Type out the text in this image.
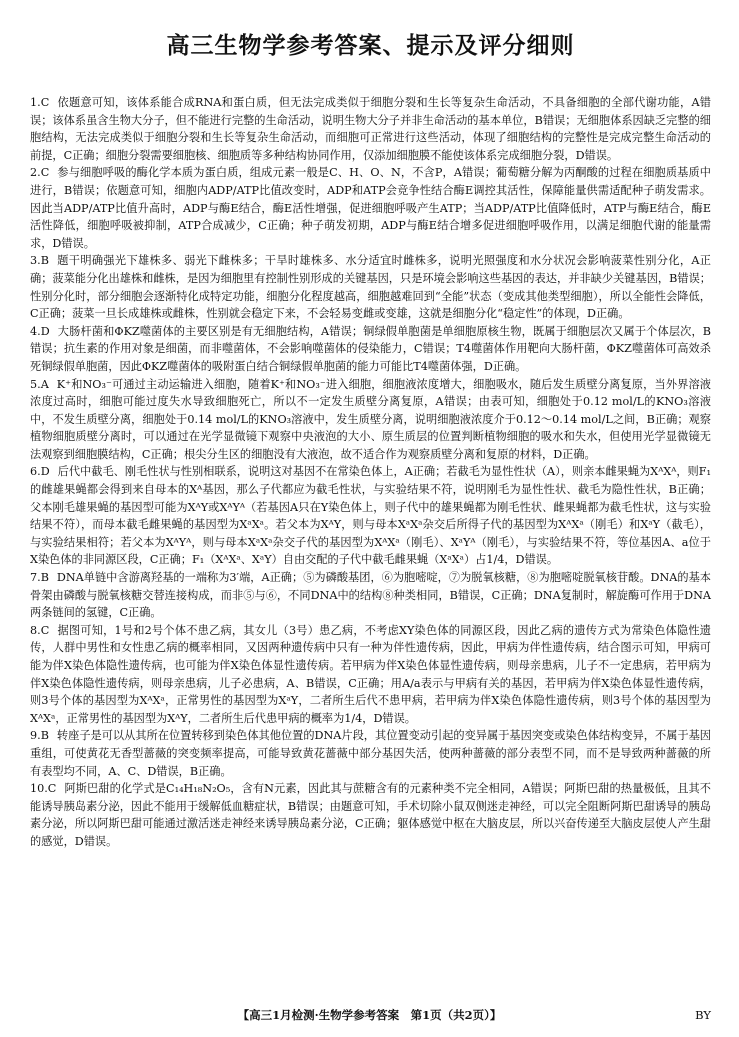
高三生物学参考答案、提示及评分细则
1.C 依题意可知，该体系能合成RNA和蛋白质，但无法完成类似于细胞分裂和生长等复杂生命活动，不具备细胞的全部代谢功能，A错误；该体系虽含生物大分子，但不能进行完整的生命活动，说明生物大分子并非生命活动的基本单位，B错误；无细胞体系因缺乏完整的细胞结构，无法完成类似于细胞分裂和生长等复杂生命活动，而细胞可正常进行这些活动，体现了细胞结构的完整性是完成完整生命活动的前提，C正确；细胞分裂需要细胞核、细胞质等多种结构协同作用，仅添加细胞膜不能使该体系完成细胞分裂，D错误。
2.C 参与细胞呼吸的酶化学本质为蛋白质，组成元素一般是C、H、O、N，不含P，A错误；葡萄糖分解为丙酮酸的过程在细胞质基质中进行，B错误；依题意可知，细胞内ADP/ATP比值改变时，ADP和ATP会竞争性结合酶E调控其活性，保障能量供需适配种子萌发需求。因此当ADP/ATP比值升高时，ADP与酶E结合，酶E活性增强，促进细胞呼吸产生ATP；当ADP/ATP比值降低时，ATP与酶E结合，酶E活性降低，细胞呼吸被抑制，ATP合成减少，C正确；种子萌发初期，ADP与酶E结合增多促进细胞呼吸作用，以满足细胞代谢的能量需求，D错误。
3.B 题干明确强光下雄株多、弱光下雌株多；干旱时雄株多、水分适宜时雌株多，说明光照强度和水分状况会影响菠菜性别分化，A正确；菠菜能分化出雄株和雌株，是因为细胞里有控制性别形成的关键基因，只是环境会影响这些基因的表达，并非缺少关键基因，B错误；性别分化时，部分细胞会逐渐特化成特定功能，细胞分化程度越高，细胞越难回到“全能”状态（变成其他类型细胞），所以全能性会降低，C正确；菠菜一旦长成雄株或雌株，性别就会稳定下来，不会轻易变雌或变雄，这就是细胞分化“稳定性”的体现，D正确。
4.D 大肠杆菌和ΦKZ噬菌体的主要区别是有无细胞结构，A错误；铜绿假单胞菌是单细胞原核生物，既属于细胞层次又属于个体层次，B错误；抗生素的作用对象是细菌，而非噬菌体，不会影响噬菌体的侵染能力，C错误；T4噬菌体作用靶向大肠杆菌，ΦKZ噬菌体可高效杀死铜绿假单胞菌，因此ΦKZ噬菌体的吸附蛋白结合铜绿假单胞菌的能力可能比T4噬菌体强，D正确。
5.A K⁺和NO₃⁻可通过主动运输进入细胞，随着K⁺和NO₃⁻进入细胞，细胞液浓度增大，细胞吸水，随后发生质壁分离复原，当外界溶液浓度过高时，细胞可能过度失水导致细胞死亡，所以不一定发生质壁分离复原，A错误；由表可知，细胞处于0.12 mol/L的KNO₃溶液中，不发生质壁分离，细胞处于0.14 mol/L的KNO₃溶液中，发生质壁分离，说明细胞液浓度介于0.12～0.14 mol/L之间，B正确；观察植物细胞质壁分离时，可以通过在光学显微镜下观察中央液泡的大小、原生质层的位置判断植物细胞的吸水和失水，但使用光学显微镜无法观察到细胞膜结构，C正确；根尖分生区的细胞没有大液泡，故不适合作为观察质壁分离和复原的材料，D正确。
6.D 后代中截毛、刚毛性状与性别相联系，说明这对基因不在常染色体上，A正确；若截毛为显性性状（A），则亲本雌果蝇为XᴬXᴬ，则F₁的雌雄果蝇都会得到来自母本的Xᴬ基因，那么子代都应为截毛性状，与实验结果不符，说明刚毛为显性性状、截毛为隐性性状，B正确；父本刚毛雄果蝇的基因型可能为XᴬY或XᴬYᴬ（若基因A只在Y染色体上，则子代中的雄果蝇都为刚毛性状、雌果蝇都为截毛性状，这与实验结果不符），而母本截毛雌果蝇的基因型为XᵃXᵃ。若父本为XᴬY，则与母本XᵃXᵃ杂交后所得子代的基因型为XᴬXᵃ（刚毛）和XᵃY（截毛），与实验结果相符；若父本为XᴬYᴬ，则与母本XᵃXᵃ杂交子代的基因型为XᴬXᵃ（刚毛）、XᵃYᴬ（刚毛），与实验结果不符，等位基因A、a位于X染色体的非同源区段，C正确；F₁（XᴬXᵃ、XᵃY）自由交配的子代中截毛雌果蝇（XᵃXᵃ）占1/4，D错误。
7.B DNA单链中含游离羟基的一端称为3′端，A正确；⑤为磷酸基团，⑥为胞嘧啶，⑦为脱氧核糖，⑧为胞嘧啶脱氧核苷酸。DNA的基本骨架由磷酸与脱氧核糖交替连接构成，而非⑤与⑥，不同DNA中的结构⑧种类相同，B错误，C正确；DNA复制时，解旋酶可作用于DNA两条链间的氢键，C正确。
8.C 据图可知，1号和2号个体不患乙病，其女儿（3号）患乙病，不考虑XY染色体的同源区段，因此乙病的遗传方式为常染色体隐性遗传，人群中男性和女性患乙病的概率相同，又因两种遗传病中只有一种为伴性遗传病，因此，甲病为伴性遗传病，结合图示可知，甲病可能为伴X染色体隐性遗传病，也可能为伴X染色体显性遗传病。若甲病为伴X染色体显性遗传病，则母亲患病，儿子不一定患病，若甲病为伴X染色体隐性遗传病，则母亲患病，儿子必患病，A、B错误，C正确；用A/a表示与甲病有关的基因，若甲病为伴X染色体显性遗传病，则3号个体的基因型为XᴬXᵃ，正常男性的基因型为XᵃY，二者所生后代不患甲病，若甲病为伴X染色体隐性遗传病，则3号个体的基因型为XᴬXᵃ，正常男性的基因型为XᴬY，二者所生后代患甲病的概率为1/4，D错误。
9.B 转座子是可以从其所在位置转移到染色体其他位置的DNA片段，其位置变动引起的变异属于基因突变或染色体结构变异，不属于基因重组，可使黄花无香型蔷薇的突变频率提高，可能导致黄花蔷薇中部分基因失活，使两种蔷薇的部分表型不同，而不是导致两种蔷薇的所有表型均不同，A、C、D错误，B正确。
10.C 阿斯巴甜的化学式是C₁₄H₁₈N₂O₅，含有N元素，因此其与蔗糖含有的元素种类不完全相同，A错误；阿斯巴甜的热量极低，且其不能诱导胰岛素分泌，因此不能用于缓解低血糖症状，B错误；由题意可知，手术切除小鼠双侧迷走神经，可以完全阻断阿斯巴甜诱导的胰岛素分泌，所以阿斯巴甜可能通过激活迷走神经来诱导胰岛素分泌，C正确；躯体感觉中枢在大脑皮层，所以兴奋传递至大脑皮层使人产生甜的感觉，D错误。
【高三1月检测·生物学参考答案　第1页（共2页）】	BY
